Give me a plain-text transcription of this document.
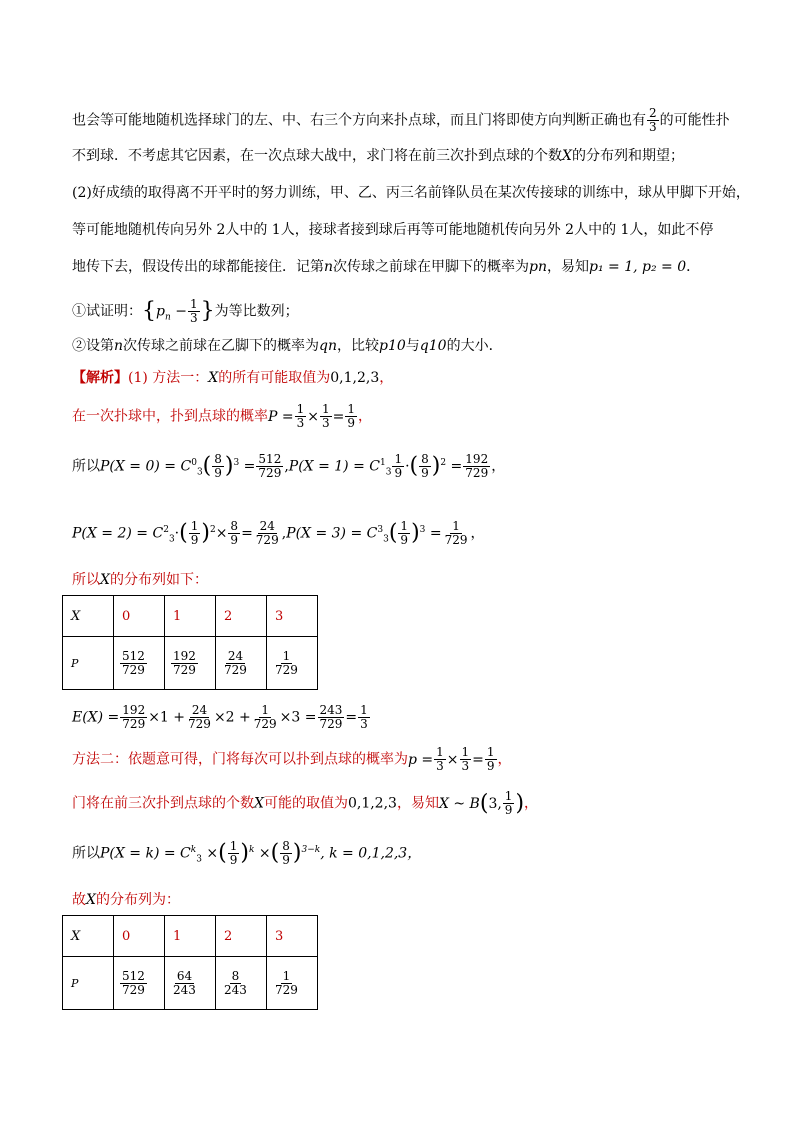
也会等可能地随机选择球门的左、中、右三个方向来扑点球，而且门将即使方向判断正确也有 $\frac{2}{3}$ 的可能性扑
不到球．不考虑其它因素，在一次点球大战中，求门将在前三次扑到点球的个数X的分布列和期望；
(2)好成绩的取得离不开平时的努力训练，甲、乙、丙三名前锋队员在某次传接球的训练中，球从甲脚下开始，
等可能地随机传向另外 2人中的 1人，接球者接到球后再等可能地随机传向另外 2人中的 1人，如此不停
地传下去，假设传出的球都能接住．记第n次传球之前球在甲脚下的概率为pn，易知p₁ = 1, p₂ = 0．
①试证明：{$p_n - \frac{1}{3}$ }为等比数列；
②设第n次传球之前球在乙脚下的概率为qn，比较p10与q10的大小．
【解析】(1) 方法一：X的所有可能取值为0,1,2,3，
在一次扑球中，扑到点球的概率$P = \frac{1}{3} \times \frac{1}{3} = \frac{1}{9}$ ，
所以$P(X = 0) = C^0_3( \frac{8}{9} )^3 = \frac{512}{729} ,P(X = 1) = C^1_3 \frac{1}{9}$ ·( $\frac{8}{9} )^2 = \frac{192}{729}$ ，
$P(X = 2) = C^2_3\cdot( \frac{1}{9} )^2\times \frac{8}{9} = \frac{24}{729} ,P(X = 3) = C^3_3( \frac{1}{9} )^3 = \frac{1}{729}$ ，
所以X的分布列如下：
X	0	1	2	3
P	$\frac{512}{729}$	$\frac{192}{729}$	$\frac{24}{729}$	$\frac{1}{729}$
$E(X) = \frac{192}{729} \times 1 + \frac{24}{729} \times 2 + \frac{1}{729} \times 3 = \frac{243}{729} = \frac{1}{3}$
方法二：依题意可得，门将每次可以扑到点球的概率为$p = \frac{1}{3} \times \frac{1}{3} = \frac{1}{9}$ ，
门将在前三次扑到点球的个数X可能的取值为0,1,2,3，易知X ~ B(3, $\frac{1}{9}$ )，
所以$P(X = k) = C^k_3$ ×( $\frac{1}{9} )^k$ ×( $\frac{8}{9} )^{3-k}$, k = 0,1,2,3，
故X的分布列为：
X	0	1	2	3
P	$\frac{512}{729}$	$\frac{64}{243}$	$\frac{8}{243}$	$\frac{1}{729}$
